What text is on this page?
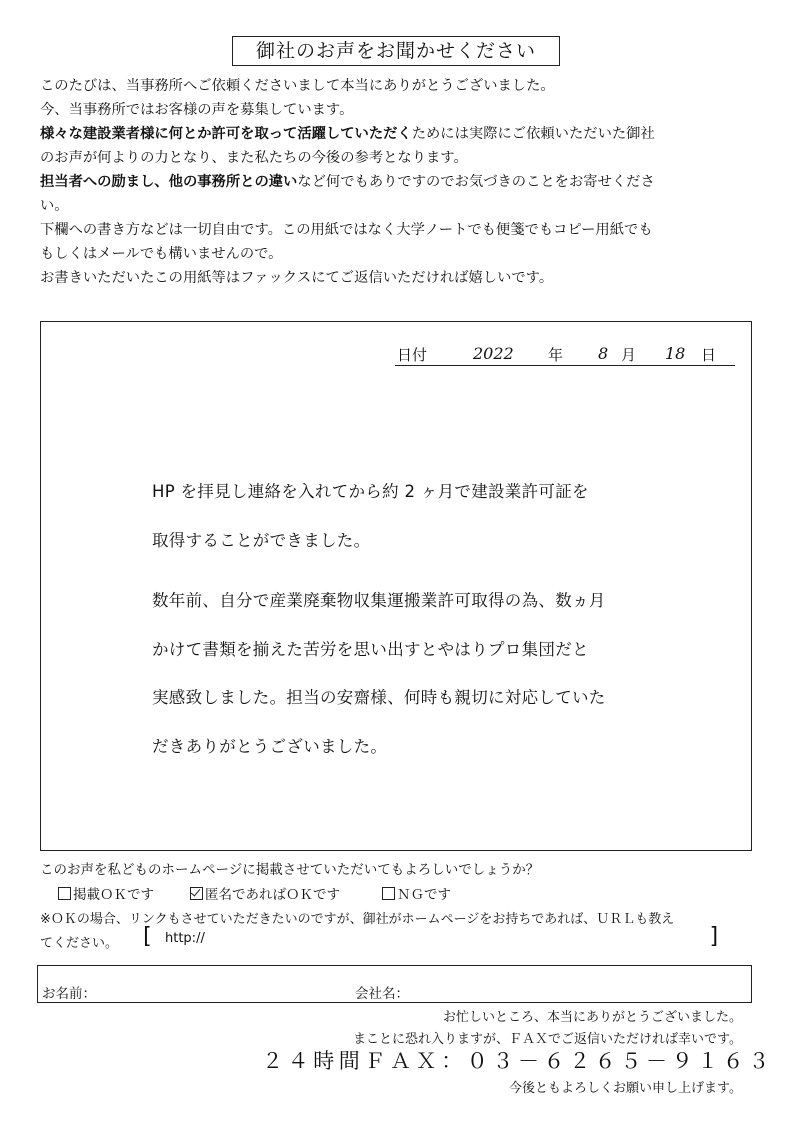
御社のお声をお聞かせください

このたびは、当事務所へご依頼くださいまして本当にありがとうございました。

今、当事務所ではお客様の声を募集しています。

様々な建設業者様に何とか許可を取って活躍していただくためには実際にご依頼いただいた御社

のお声が何よりの力となり、また私たちの今後の参考となります。

担当者への励まし、他の事務所との違いなど何でもありですのでお気づきのことをお寄せくださ

い。

下欄への書き方などは一切自由です。この用紙ではなく大学ノートでも便箋でもコピー用紙でも

もしくはメールでも構いませんので。

お書きいただいたこの用紙等はファックスにてご返信いただければ嬉しいです。

日付	2022 年 8 月 18 日

HP を拝見し連絡を入れてから約 2 ヶ月で建設業許可証を

取得することができました。

数年前、自分で産業廃棄物収集運搬業許可取得の為、数ヵ月

かけて書類を揃えた苦労を思い出すとやはりプロ集団だと

実感致しました。担当の安齋様、何時も親切に対応していた

だきありがとうございました。

このお声を私どものホームページに掲載させていただいてもよろしいでしょうか？
掲載ＯＫです	匿名であればＯＫです	ＮＧです
※ＯＫの場合、リンクもさせていただきたいのですが、御社がホームページをお持ちであれば、ＵＲＬも教え
てください。 [ http://	]
お名前：	会社名：
お忙しいところ、本当にありがとうございました。
まことに恐れ入りますが、ＦＡＸでご返信いただければ幸いです。
２４時間ＦＡＸ：０３－６２６５－９１６３
今後ともよろしくお願い申し上げます。
